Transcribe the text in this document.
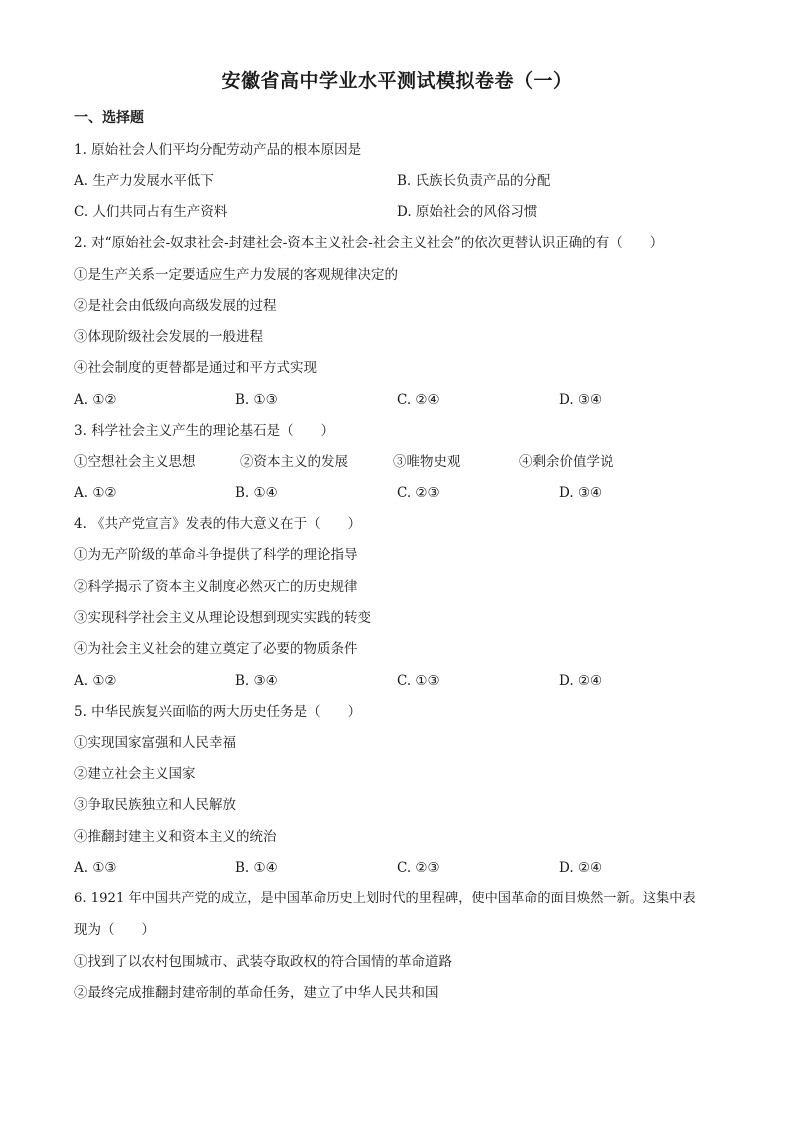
安徽省高中学业水平测试模拟卷卷（一）
一、选择题
1. 原始社会人们平均分配劳动产品的根本原因是
A. 生产力发展水平低下	B. 氏族长负责产品的分配
C. 人们共同占有生产资料	D. 原始社会的风俗习惯
2. 对“原始社会-奴隶社会-封建社会-资本主义社会-社会主义社会”的依次更替认识正确的有（　　）
①是生产关系一定要适应生产力发展的客观规律决定的
②是社会由低级向高级发展的过程
③体现阶级社会发展的一般进程
④社会制度的更替都是通过和平方式实现
A. ①②	B. ①③	C. ②④	D. ③④
3. 科学社会主义产生的理论基石是（　　）
①空想社会主义思想	②资本主义的发展	③唯物史观	④剩余价值学说
A. ①②	B. ①④	C. ②③	D. ③④
4. 《共产党宣言》发表的伟大意义在于（　　）
①为无产阶级的革命斗争提供了科学的理论指导
②科学揭示了资本主义制度必然灭亡的历史规律
③实现科学社会主义从理论设想到现实实践的转变
④为社会主义社会的建立奠定了必要的物质条件
A. ①②	B. ③④	C. ①③	D. ②④
5. 中华民族复兴面临的两大历史任务是（　　）
①实现国家富强和人民幸福
②建立社会主义国家
③争取民族独立和人民解放
④推翻封建主义和资本主义的统治
A. ①③	B. ①④	C. ②③	D. ②④
6. 1921 年中国共产党的成立，是中国革命历史上划时代的里程碑，使中国革命的面目焕然一新。这集中表
现为（　　）
①找到了以农村包围城市、武装夺取政权的符合国情的革命道路
②最终完成推翻封建帝制的革命任务，建立了中华人民共和国
